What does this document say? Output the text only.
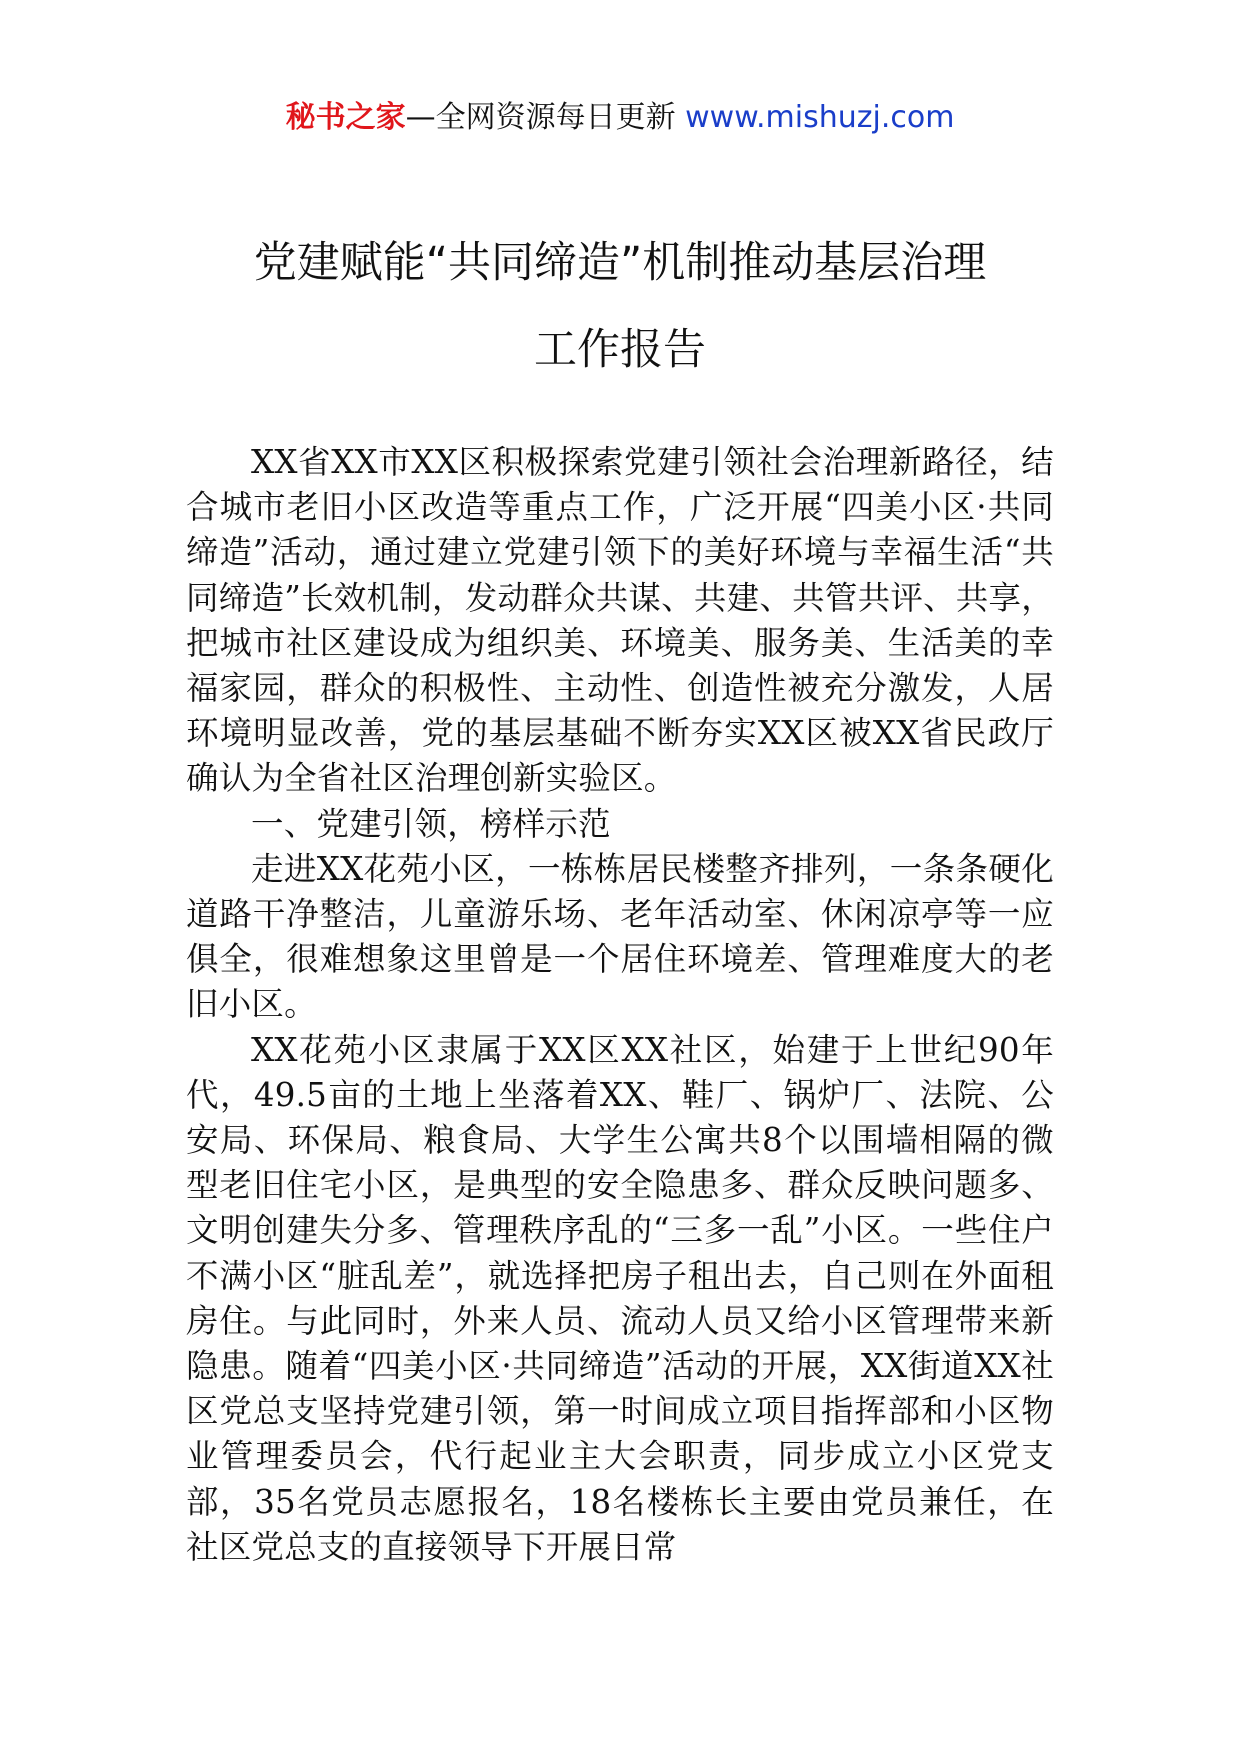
秘书之家—全网资源每日更新 www.mishuzj.com
党建赋能“共同缔造”机制推动基层治理
工作报告

XX省XX市XX区积极探索党建引领社会治理新路径，结合城市老旧小区改造等重点工作，广泛开展“四美小区·共同缔造”活动，通过建立党建引领下的美好环境与幸福生活“共同缔造”长效机制，发动群众共谋、共建、共管共评、共享，把城市社区建设成为组织美、环境美、服务美、生活美的幸福家园，群众的积极性、主动性、创造性被充分激发，人居环境明显改善，党的基层基础不断夯实XX区被XX省民政厅确认为全省社区治理创新实验区。

一、党建引领，榜样示范

走进XX花苑小区，一栋栋居民楼整齐排列，一条条硬化道路干净整洁，儿童游乐场、老年活动室、休闲凉亭等一应俱全，很难想象这里曾是一个居住环境差、管理难度大的老旧小区。

XX花苑小区隶属于XX区XX社区，始建于上世纪90年代，49.5亩的土地上坐落着XX、鞋厂、锅炉厂、法院、公安局、环保局、粮食局、大学生公寓共8个以围墙相隔的微型老旧住宅小区，是典型的安全隐患多、群众反映问题多、文明创建失分多、管理秩序乱的“三多一乱”小区。一些住户不满小区“脏乱差”，就选择把房子租出去，自己则在外面租房住。与此同时，外来人员、流动人员又给小区管理带来新隐患。随着“四美小区·共同缔造”活动的开展，XX街道XX社区党总支坚持党建引领，第一时间成立项目指挥部和小区物业管理委员会，代行起业主大会职责，同步成立小区党支部，35名党员志愿报名，18名楼栋长主要由党员兼任，在社区党总支的直接领导下开展日常
